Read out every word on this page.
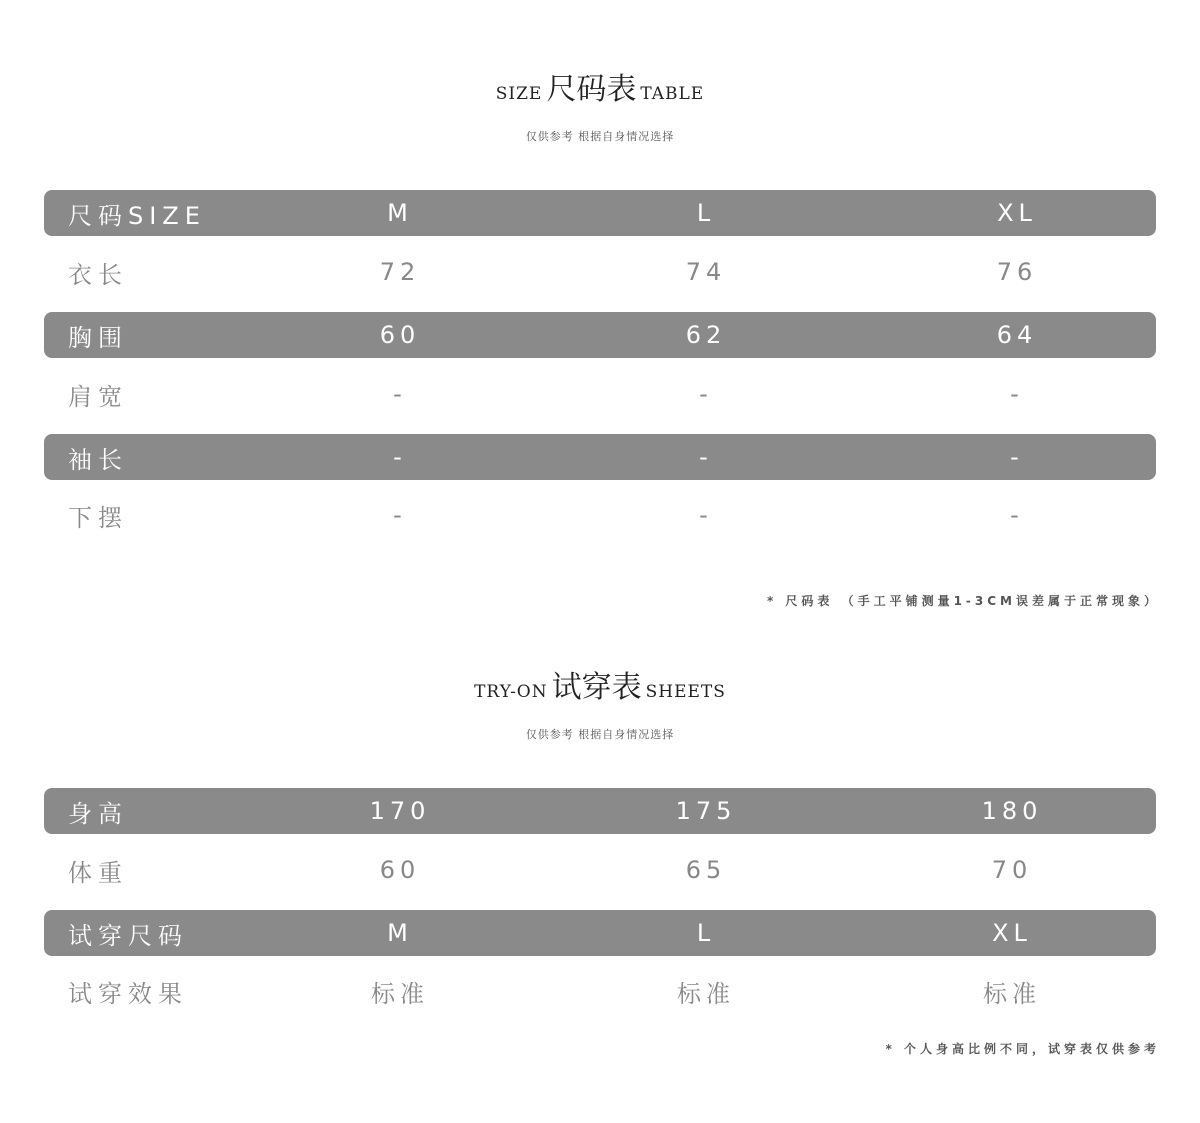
SIZE 尺码表 TABLE
仅供参考 根据自身情况选择
尺码SIZE	M	L	XL
衣长	72	74	76
胸围	60	62	64
肩宽	-	-	-
袖长	-	-	-
下摆	-	-	-
* 尺码表 （手工平铺测量1-3CM误差属于正常现象）
TRY-ON 试穿表 SHEETS
仅供参考 根据自身情况选择
身高	170	175	180
体重	60	65	70
试穿尺码	M	L	XL
试穿效果	标准	标准	标准
* 个人身高比例不同，试穿表仅供参考
